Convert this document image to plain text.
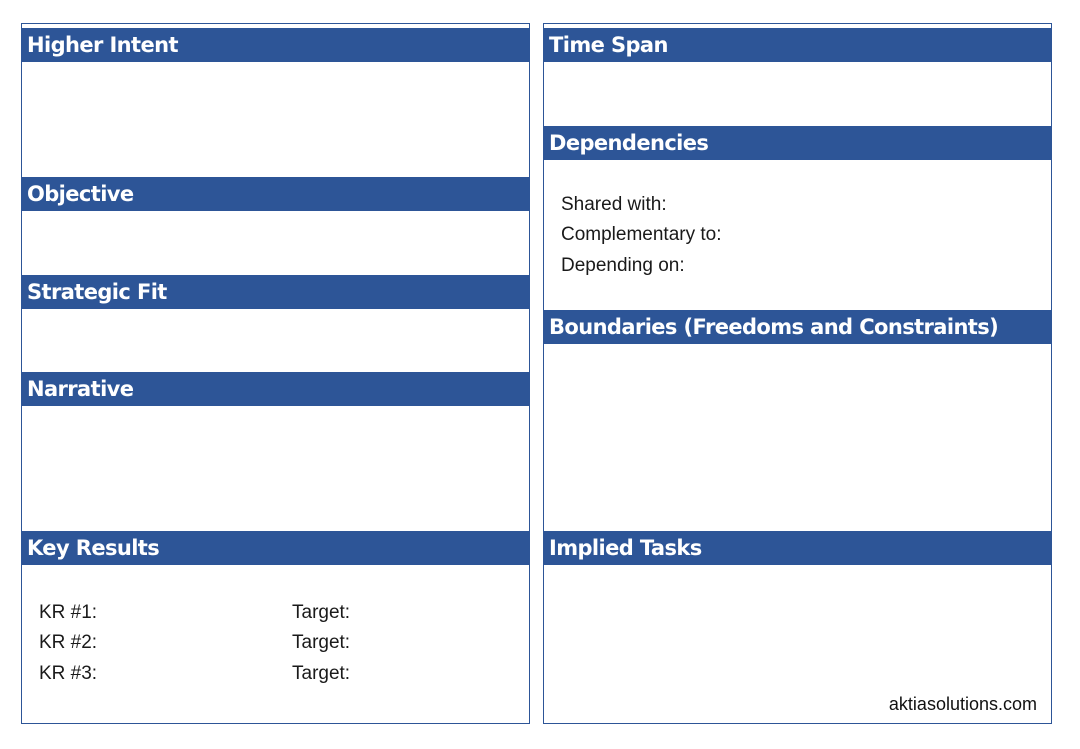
Higher Intent
Objective
Strategic Fit
Narrative
Key Results
KR #1:	Target:
KR #2:	Target:
KR #3:	Target:
Time Span
Dependencies
Shared with:
Complementary to:
Depending on:
Boundaries (Freedoms and Constraints)
Implied Tasks
aktiasolutions.com
